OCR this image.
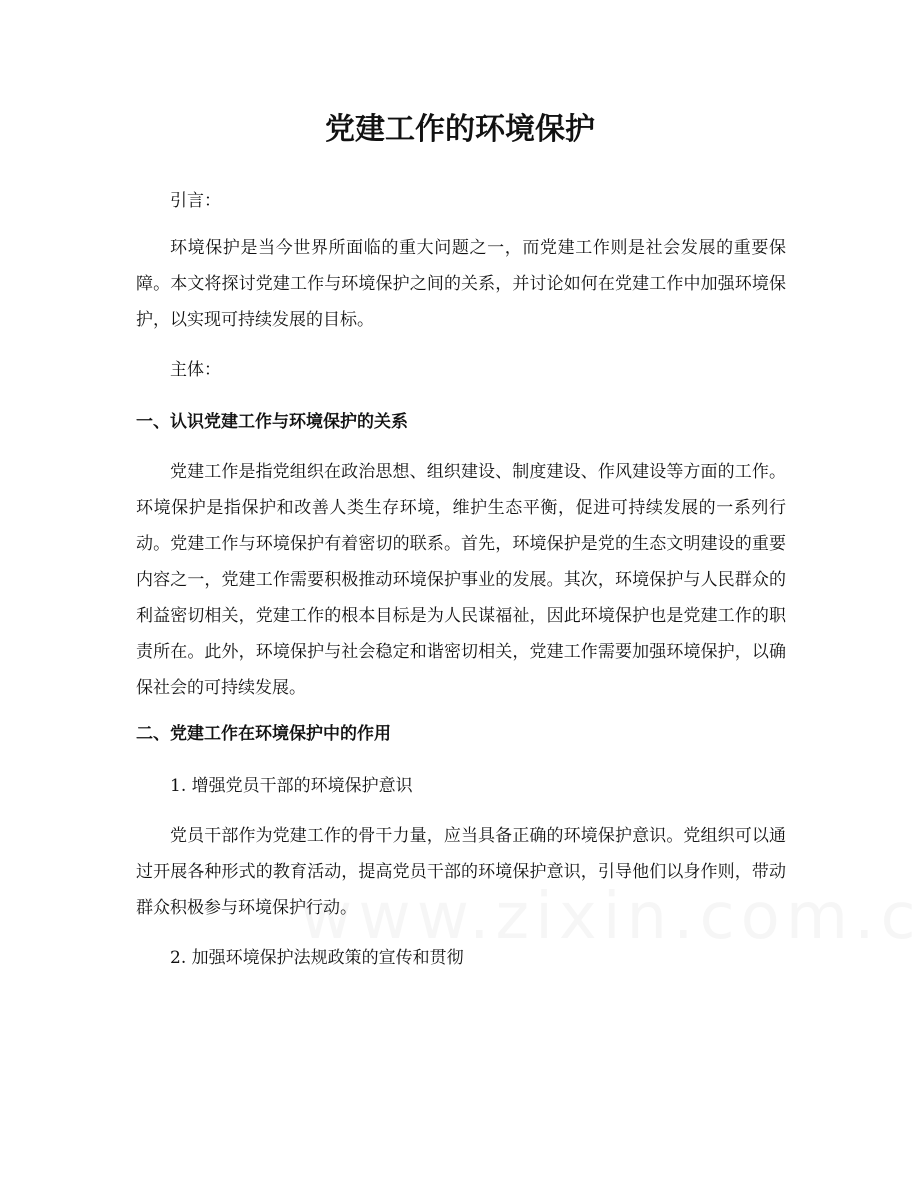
党建工作的环境保护
引言：
环境保护是当今世界所面临的重大问题之一，而党建工作则是社会发展的重要保障。本文将探讨党建工作与环境保护之间的关系，并讨论如何在党建工作中加强环境保护，以实现可持续发展的目标。
主体：
一、认识党建工作与环境保护的关系
党建工作是指党组织在政治思想、组织建设、制度建设、作风建设等方面的工作。环境保护是指保护和改善人类生存环境，维护生态平衡，促进可持续发展的一系列行动。党建工作与环境保护有着密切的联系。首先，环境保护是党的生态文明建设的重要内容之一，党建工作需要积极推动环境保护事业的发展。其次，环境保护与人民群众的利益密切相关，党建工作的根本目标是为人民谋福祉，因此环境保护也是党建工作的职责所在。此外，环境保护与社会稳定和谐密切相关，党建工作需要加强环境保护，以确保社会的可持续发展。
二、党建工作在环境保护中的作用
1. 增强党员干部的环境保护意识
党员干部作为党建工作的骨干力量，应当具备正确的环境保护意识。党组织可以通过开展各种形式的教育活动，提高党员干部的环境保护意识，引导他们以身作则，带动群众积极参与环境保护行动。
2. 加强环境保护法规政策的宣传和贯彻
